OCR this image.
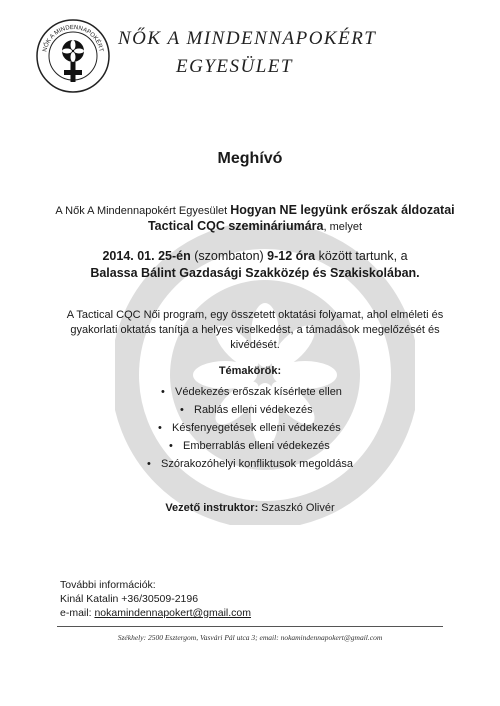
NŐK A MINDENNAPOKÉRT
NŐK A MINDENNAPOKÉRT
EGYESÜLET
Meghívó
A Nők A Mindennapokért Egyesület Hogyan NE legyünk erőszak áldozatai Tactical CQC szemináriumára, melyet
2014. 01. 25-én (szombaton) 9-12 óra között tartunk, a
Balassa Bálint Gazdasági Szakközép és Szakiskolában.
A Tactical CQC Női program, egy összetett oktatási folyamat, ahol elméleti és gyakorlati oktatás tanítja a helyes viselkedést, a támadások megelőzését és kivédését.
Témakörök:
• Védekezés erőszak kísérlete ellen
• Rablás elleni védekezés
• Késfenyegetések elleni védekezés
• Emberrablás elleni védekezés
• Szórakozóhelyi konfliktusok megoldása
Vezető instruktor: Szaszkó Olivér
További információk:
Kinál Katalin +36/30509-2196
e-mail: nokamindennapokert@gmail.com
Székhely: 2500 Esztergom, Vasvári Pál utca 3; email: nokamindennapokert@gmail.com
